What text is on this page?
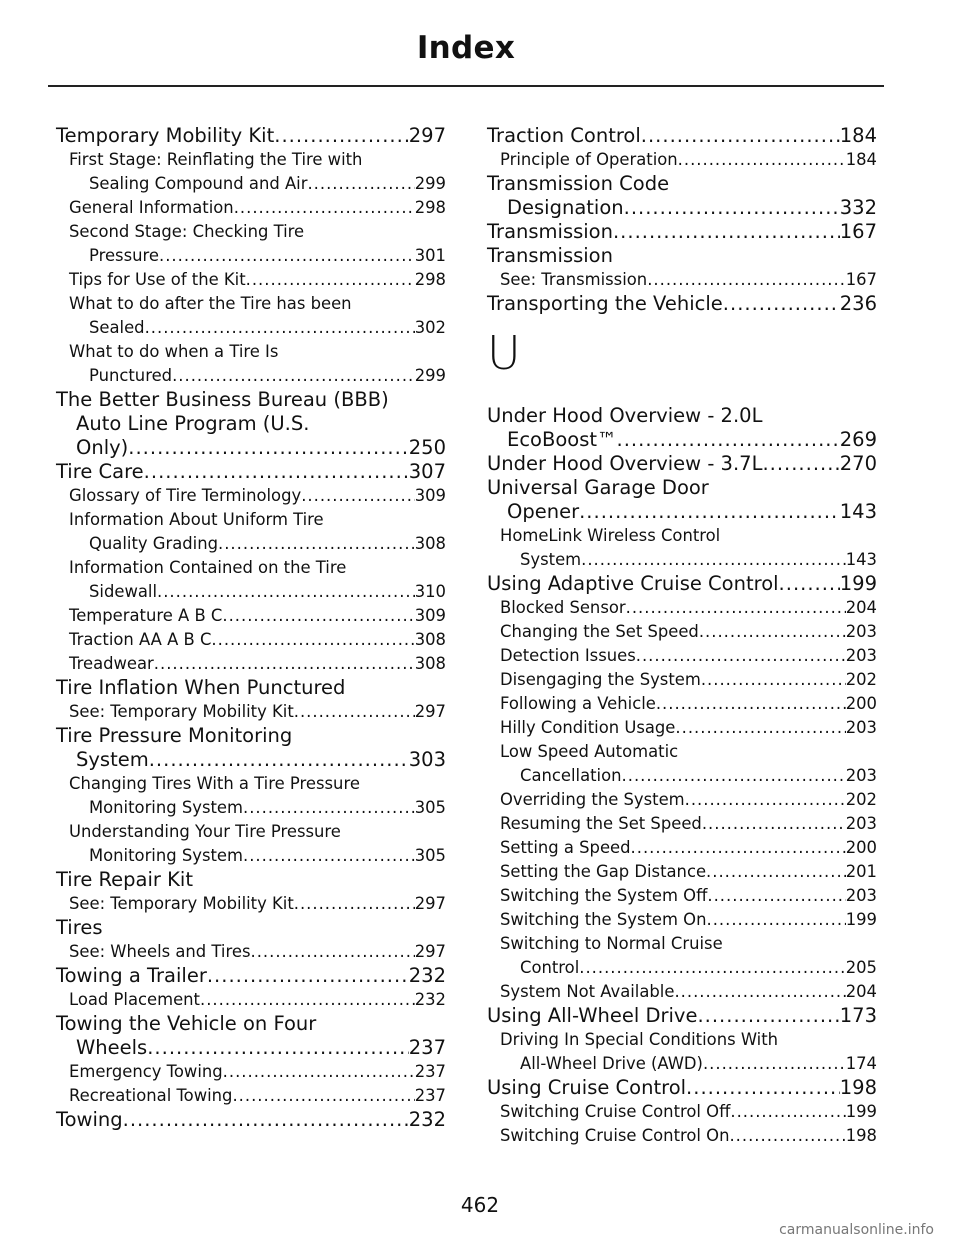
Index
Temporary Mobility Kit .....	297
First Stage: Reinflating the Tire with
Sealing Compound and Air .....	299
General Information .....	298
Second Stage: Checking Tire
Pressure .....	301
Tips for Use of the Kit .....	298
What to do after the Tire has been
Sealed .....	302
What to do when a Tire Is
Punctured .....	299
The Better Business Bureau (BBB)
Auto Line Program (U.S.
Only) .....	250
Tire Care .....	307
Glossary of Tire Terminology .....	309
Information About Uniform Tire
Quality Grading .....	308
Information Contained on the Tire
Sidewall .....	310
Temperature A B C .....	309
Traction AA A B C .....	308
Treadwear .....	308
Tire Inflation When Punctured
See: Temporary Mobility Kit .....	297
Tire Pressure Monitoring
System .....	303
Changing Tires With a Tire Pressure
Monitoring System .....	305
Understanding Your Tire Pressure
Monitoring System .....	305
Tire Repair Kit
See: Temporary Mobility Kit .....	297
Tires
See: Wheels and Tires .....	297
Towing a Trailer .....	232
Load Placement .....	232
Towing the Vehicle on Four
Wheels .....	237
Emergency Towing .....	237
Recreational Towing .....	237
Towing .....	232
Traction Control .....	184
Principle of Operation .....	184
Transmission Code
Designation .....	332
Transmission .....	167
Transmission
See: Transmission .....	167
Transporting the Vehicle .....	236
U
Under Hood Overview - 2.0L
EcoBoost™ .....	269
Under Hood Overview - 3.7L .....	270
Universal Garage Door
Opener .....	143
HomeLink Wireless Control
System .....	143
Using Adaptive Cruise Control .....	199
Blocked Sensor .....	204
Changing the Set Speed .....	203
Detection Issues .....	203
Disengaging the System .....	202
Following a Vehicle .....	200
Hilly Condition Usage .....	203
Low Speed Automatic
Cancellation .....	203
Overriding the System .....	202
Resuming the Set Speed .....	203
Setting a Speed .....	200
Setting the Gap Distance .....	201
Switching the System Off .....	203
Switching the System On .....	199
Switching to Normal Cruise
Control .....	205
System Not Available .....	204
Using All-Wheel Drive .....	173
Driving In Special Conditions With
All-Wheel Drive (AWD) .....	174
Using Cruise Control .....	198
Switching Cruise Control Off .....	199
Switching Cruise Control On .....	198
462
carmanualsonline.info
